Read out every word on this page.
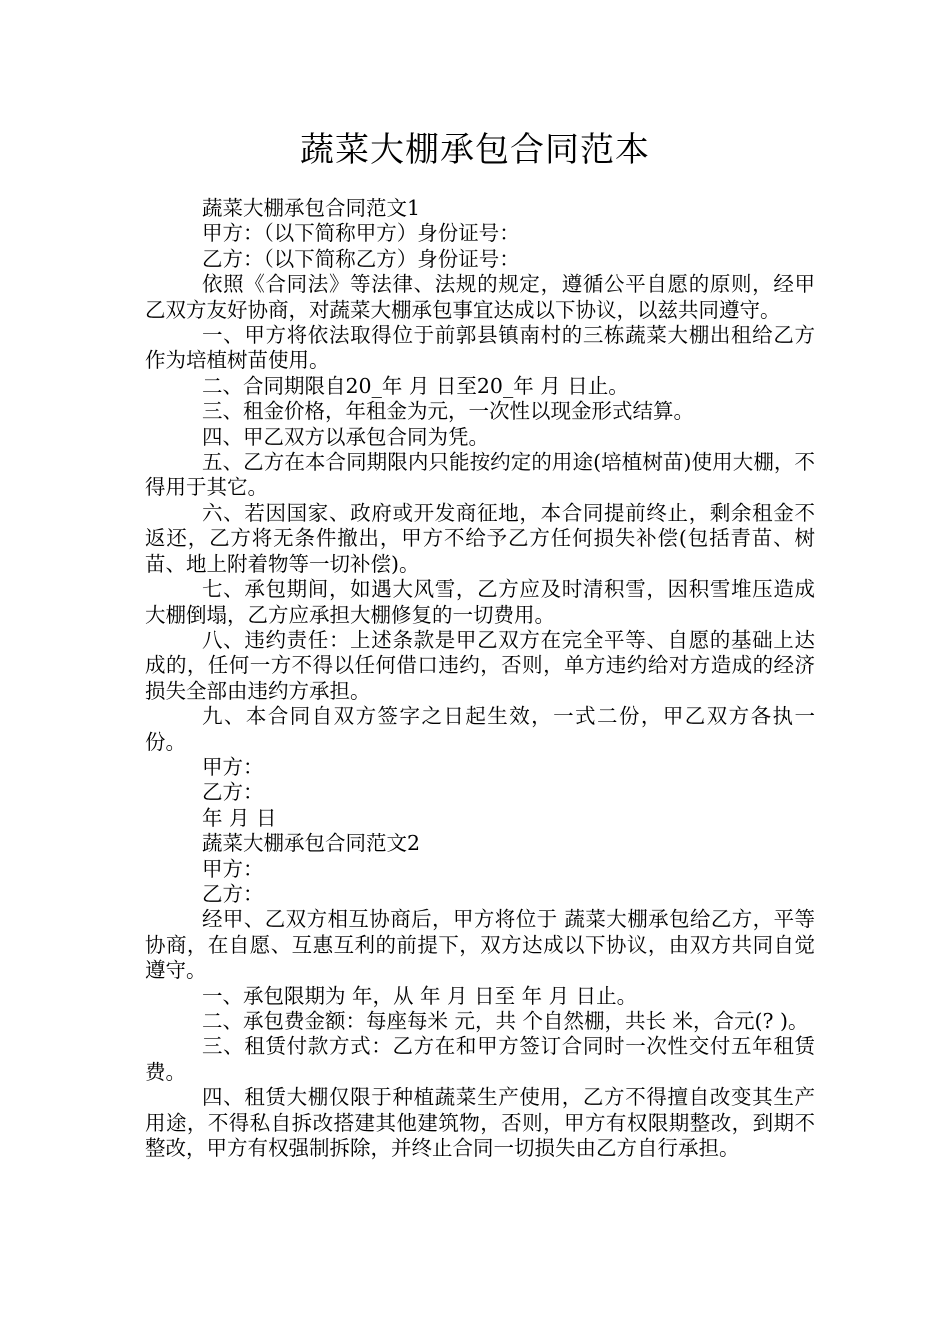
蔬菜大棚承包合同范本

蔬菜大棚承包合同范文1

甲方：（以下简称甲方）身份证号：

乙方：（以下简称乙方）身份证号：

依照《合同法》等法律、法规的规定，遵循公平自愿的原则，经甲乙双方友好协商，对蔬菜大棚承包事宜达成以下协议，以兹共同遵守。

一、甲方将依法取得位于前郭县镇南村的三栋蔬菜大棚出租给乙方作为培植树苗使用。

二、合同期限自20_年 月 日至20_年 月 日止。

三、租金价格，年租金为元，一次性以现金形式结算。

四、甲乙双方以承包合同为凭。

五、乙方在本合同期限内只能按约定的用途(培植树苗)使用大棚，不得用于其它。

六、若因国家、政府或开发商征地，本合同提前终止，剩余租金不返还，乙方将无条件撤出，甲方不给予乙方任何损失补偿(包括青苗、树苗、地上附着物等一切补偿)。

七、承包期间，如遇大风雪，乙方应及时清积雪，因积雪堆压造成大棚倒塌，乙方应承担大棚修复的一切费用。

八、违约责任：上述条款是甲乙双方在完全平等、自愿的基础上达成的，任何一方不得以任何借口违约，否则，单方违约给对方造成的经济损失全部由违约方承担。

九、本合同自双方签字之日起生效，一式二份，甲乙双方各执一份。

甲方：

乙方：

年 月 日

蔬菜大棚承包合同范文2

甲方：

乙方：

经甲、乙双方相互协商后，甲方将位于 蔬菜大棚承包给乙方，平等协商，在自愿、互惠互利的前提下，双方达成以下协议，由双方共同自觉遵守。

一、承包限期为 年，从 年 月 日至 年 月 日止。

二、承包费金额：每座每米 元，共 个自然棚，共长 米，合元(? )。

三、租赁付款方式：乙方在和甲方签订合同时一次性交付五年租赁费。

四、租赁大棚仅限于种植蔬菜生产使用，乙方不得擅自改变其生产用途，不得私自拆改搭建其他建筑物，否则，甲方有权限期整改，到期不整改，甲方有权强制拆除，并终止合同一切损失由乙方自行承担。
